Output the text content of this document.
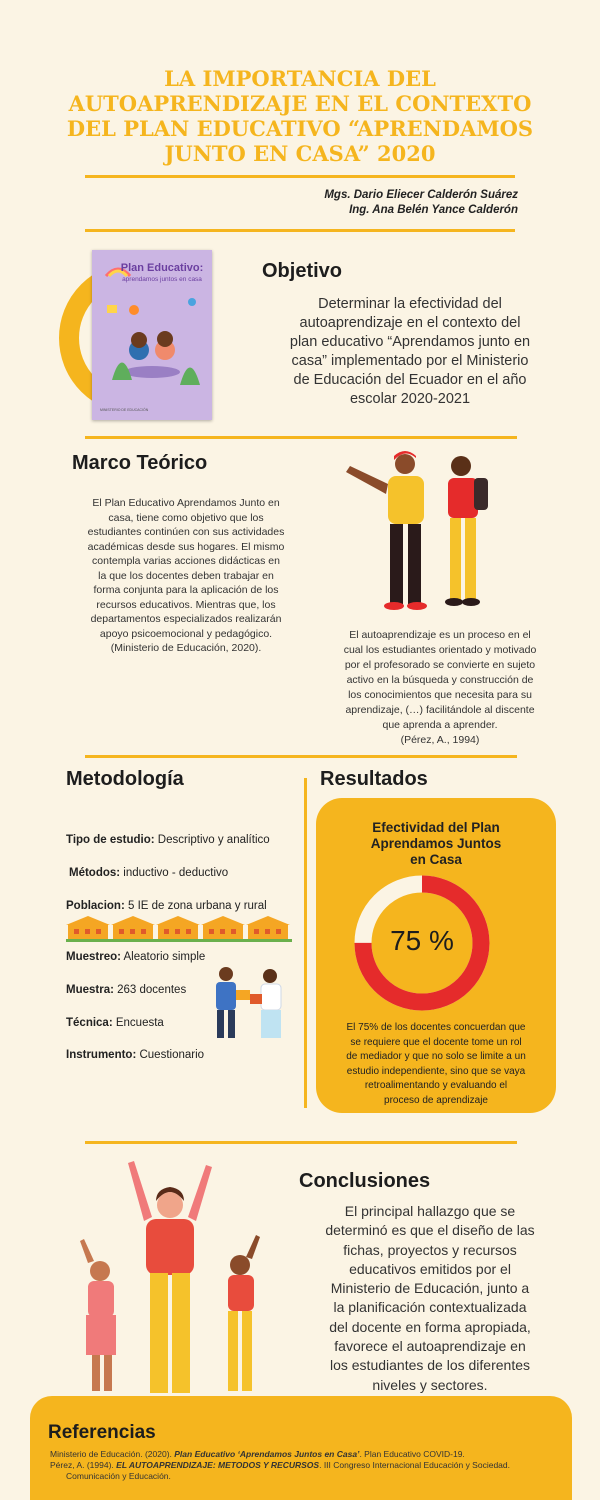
LA IMPORTANCIA DEL
AUTOAPRENDIZAJE EN EL CONTEXTO
DEL PLAN EDUCATIVO “APRENDAMOS
JUNTO EN CASA” 2020
Mgs. Dario Eliecer Calderón Suárez
Ing. Ana Belén Yance Calderón
Plan Educativo:
aprendamos juntos en casa
MINISTERIO DE EDUCACIÓN
Objetivo
Determinar la efectividad del
autoaprendizaje en el contexto del
plan educativo “Aprendamos junto en
casa” implementado por el Ministerio
de Educación del Ecuador en el año
escolar 2020-2021
Marco Teórico
El Plan Educativo Aprendamos Junto en
casa, tiene como objetivo que los
estudiantes continúen con sus actividades
académicas desde sus hogares. El mismo
contempla varias acciones didácticas en
la que los docentes deben trabajar en
forma conjunta para la aplicación de los
recursos educativos. Mientras que, los
departamentos especializados realizarán
apoyo psicoemocional y pedagógico.
(Ministerio de Educación, 2020).
El autoaprendizaje es un proceso en el
cual los estudiantes orientado y motivado
por el profesorado se convierte en sujeto
activo en la búsqueda y construcción de
los conocimientos que necesita para su
aprendizaje, (…) facilitándole al discente
que aprenda a aprender.
(Pérez, A., 1994)
Metodología
Tipo de estudio: Descriptivo y analítico
Métodos: inductivo - deductivo
Poblacion: 5 IE de zona urbana y rural
Muestreo: Aleatorio simple
Muestra: 263 docentes
Técnica: Encuesta
Instrumento: Cuestionario
Resultados
Efectividad del Plan
Aprendamos Juntos
en Casa
75 %
El 75% de los docentes concuerdan que
se requiere que el docente tome un rol
de mediador y que no solo se limite a un
estudio independiente, sino que se vaya
retroalimentando y evaluando el
proceso de aprendizaje
Conclusiones
El principal hallazgo que se
determinó es que el diseño de las
fichas, proyectos y recursos
educativos emitidos por el
Ministerio de Educación, junto a
la planificación contextualizada
del docente en forma apropiada,
favorece el autoaprendizaje en
los estudiantes de los diferentes
niveles y sectores.
Referencias
Ministerio de Educación. (2020). Plan Educativo ‘Aprendamos Juntos en Casa’. Plan Educativo COVID-19.
Pérez, A. (1994). EL AUTOAPRENDIZAJE: METODOS Y RECURSOS. III Congreso Internacional Educación y Sociedad.
Comunicación y Educación.
